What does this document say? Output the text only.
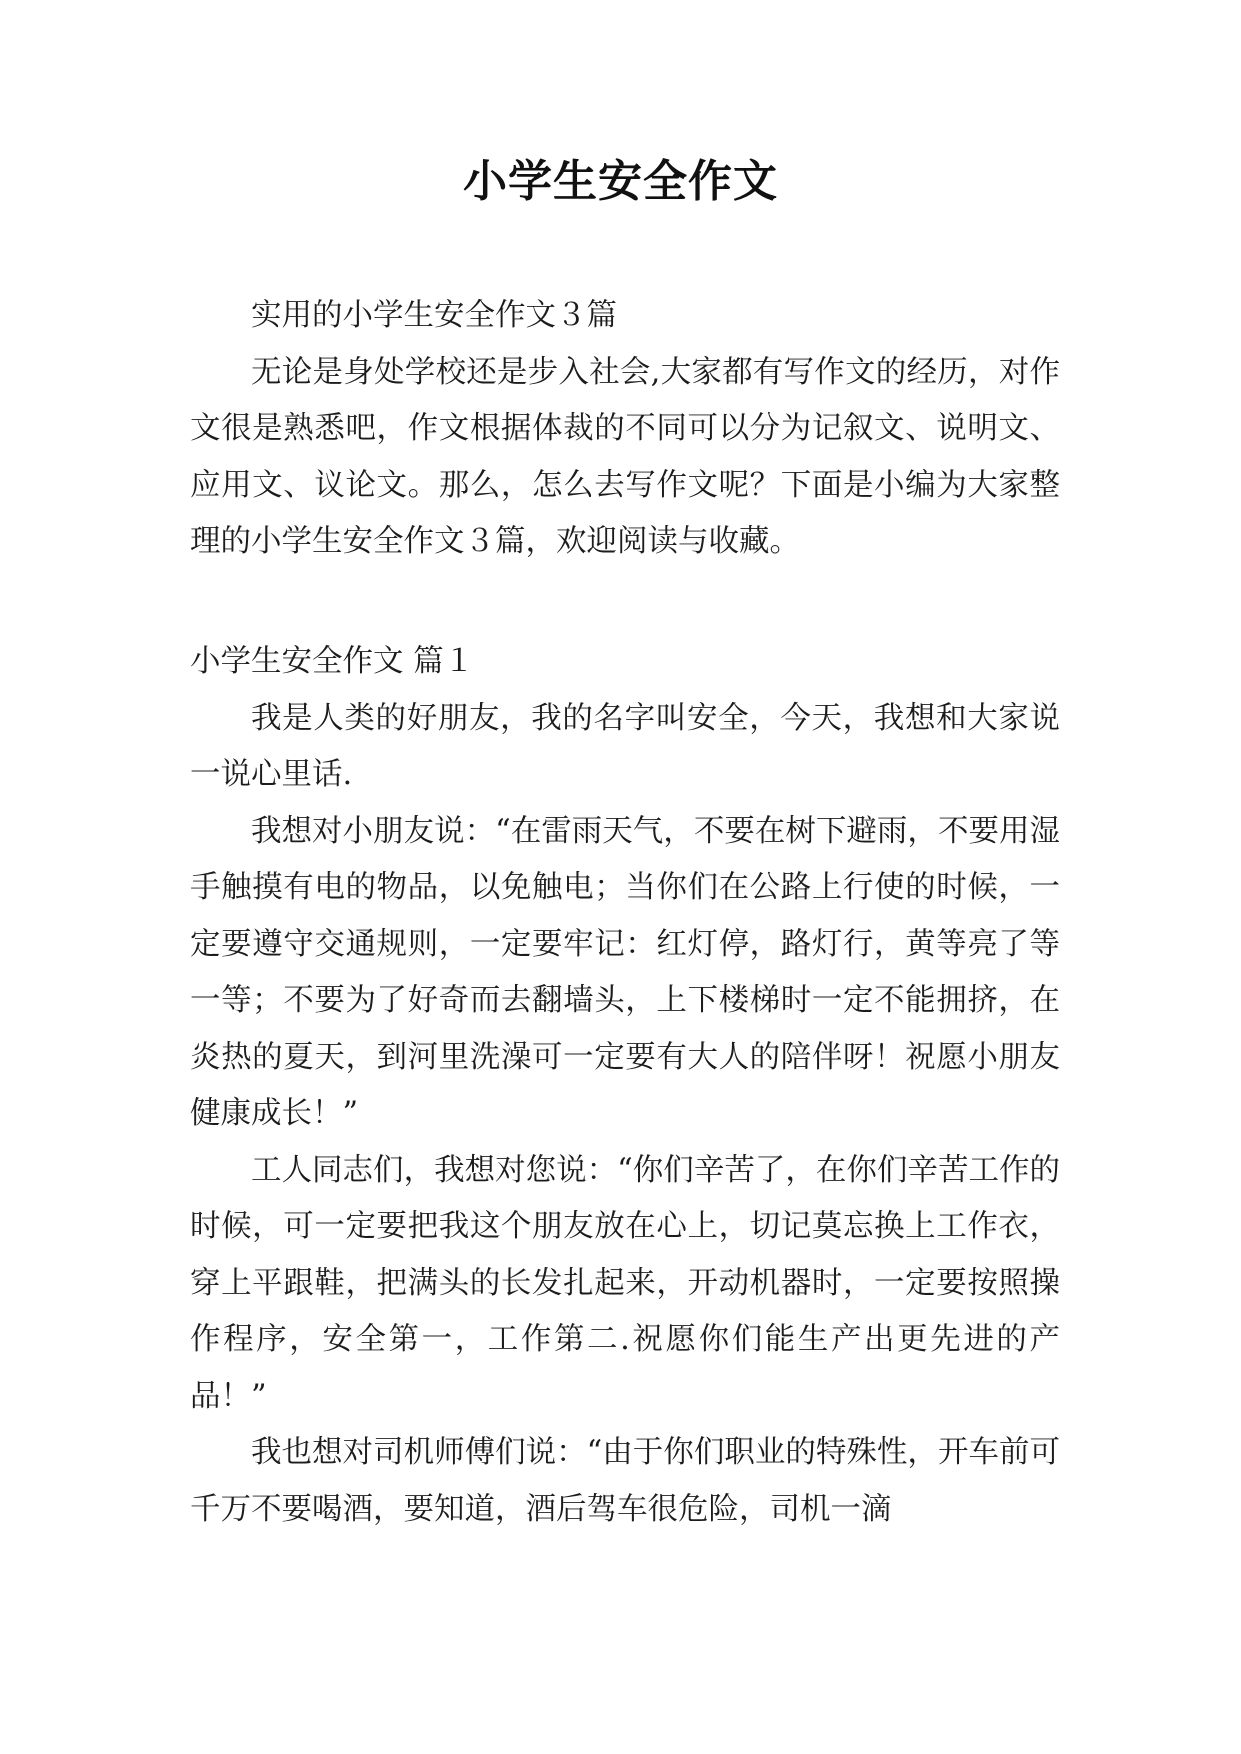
小学生安全作文

实用的小学生安全作文３篇

无论是身处学校还是步入社会,大家都有写作文的经历，对作文很是熟悉吧，作文根据体裁的不同可以分为记叙文、说明文、应用文、议论文。那么，怎么去写作文呢？下面是小编为大家整理的小学生安全作文３篇，欢迎阅读与收藏。

小学生安全作文 篇１

我是人类的好朋友，我的名字叫安全，今天，我想和大家说一说心里话.

我想对小朋友说：“在雷雨天气，不要在树下避雨，不要用湿手触摸有电的物品，以免触电；当你们在公路上行使的时候，一定要遵守交通规则，一定要牢记：红灯停，路灯行，黄等亮了等一等；不要为了好奇而去翻墙头，上下楼梯时一定不能拥挤，在炎热的夏天，到河里洗澡可一定要有大人的陪伴呀！祝愿小朋友健康成长！”

工人同志们，我想对您说：“你们辛苦了，在你们辛苦工作的时候，可一定要把我这个朋友放在心上，切记莫忘换上工作衣，穿上平跟鞋，把满头的长发扎起来，开动机器时，一定要按照操作程序，安全第一，工作第二.祝愿你们能生产出更先进的产品！”

我也想对司机师傅们说：“由于你们职业的特殊性，开车前可千万不要喝酒，要知道，酒后驾车很危险，司机一滴
